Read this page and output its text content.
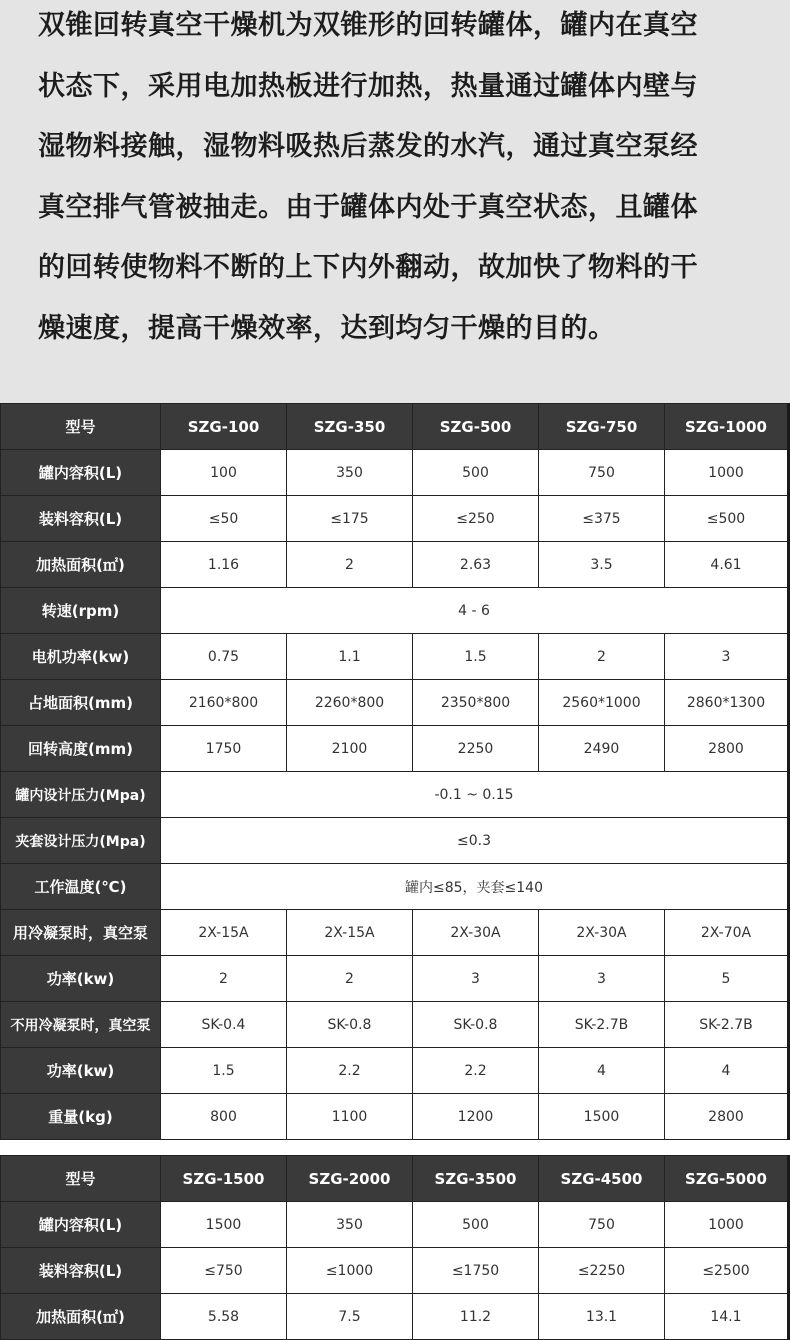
双锥回转真空干燥机为双锥形的回转罐体，罐内在真空
状态下，采用电加热板进行加热，热量通过罐体内壁与
湿物料接触，湿物料吸热后蒸发的水汽，通过真空泵经
真空排气管被抽走。由于罐体内处于真空状态，且罐体
的回转使物料不断的上下内外翻动，故加快了物料的干
燥速度，提高干燥效率，达到均匀干燥的目的。
型号	SZG-100	SZG-350	SZG-500	SZG-750	SZG-1000
罐内容积(L)	100	350	500	750	1000
装料容积(L)	≤50	≤175	≤250	≤375	≤500
加热面积(㎡)	1.16	2	2.63	3.5	4.61
转速(rpm)	4 - 6				
电机功率(kw)	0.75	1.1	1.5	2	3
占地面积(mm)	2160*800	2260*800	2350*800	2560*1000	2860*1300
回转高度(mm)	1750	2100	2250	2490	2800
罐内设计压力(Mpa)	-0.1 ~ 0.15				
夹套设计压力(Mpa)	≤0.3				
工作温度(℃)	罐内≤85，夹套≤140				
用冷凝泵时，真空泵	2X-15A	2X-15A	2X-30A	2X-30A	2X-70A
功率(kw)	2	2	3	3	5
不用冷凝泵时，真空泵	SK-0.4	SK-0.8	SK-0.8	SK-2.7B	SK-2.7B
功率(kw)	1.5	2.2	2.2	4	4
重量(kg)	800	1100	1200	1500	2800
型号	SZG-1500	SZG-2000	SZG-3500	SZG-4500	SZG-5000
罐内容积(L)	1500	350	500	750	1000
装料容积(L)	≤750	≤1000	≤1750	≤2250	≤2500
加热面积(㎡)	5.58	7.5	11.2	13.1	14.1
